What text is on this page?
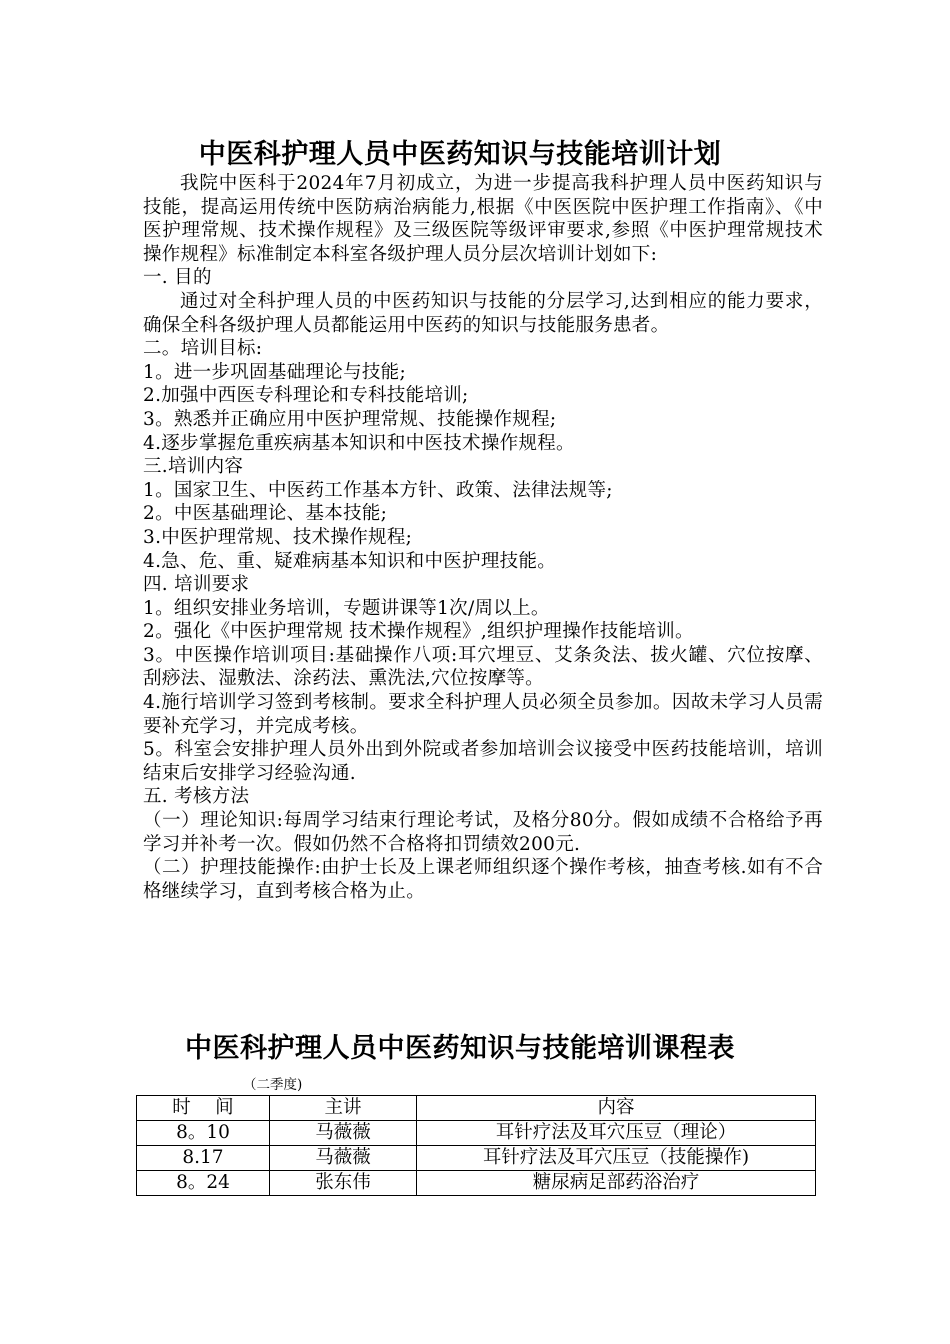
中医科护理人员中医药知识与技能培训计划

我院中医科于2024年7月初成立，为进一步提高我科护理人员中医药知识与技能，提高运用传统中医防病治病能力,根据《中医医院中医护理工作指南》、《中医护理常规、技术操作规程》及三级医院等级评审要求,参照《中医护理常规技术操作规程》标准制定本科室各级护理人员分层次培训计划如下:

一. 目的

通过对全科护理人员的中医药知识与技能的分层学习,达到相应的能力要求，确保全科各级护理人员都能运用中医药的知识与技能服务患者。

二。培训目标:

1。进一步巩固基础理论与技能;

2.加强中西医专科理论和专科技能培训;

3。熟悉并正确应用中医护理常规、技能操作规程;

4.逐步掌握危重疾病基本知识和中医技术操作规程。

三.培训内容

1。国家卫生、中医药工作基本方针、政策、法律法规等;

2。中医基础理论、基本技能;

3.中医护理常规、技术操作规程;

4.急、危、重、疑难病基本知识和中医护理技能。

四. 培训要求

1。组织安排业务培训，专题讲课等1次/周以上。

2。强化《中医护理常规 技术操作规程》,组织护理操作技能培训。

3。中医操作培训项目:基础操作八项:耳穴埋豆、艾条灸法、拔火罐、穴位按摩、刮痧法、湿敷法、涂药法、熏洗法,穴位按摩等。

4.施行培训学习签到考核制。要求全科护理人员必须全员参加。因故未学习人员需要补充学习，并完成考核。

5。科室会安排护理人员外出到外院或者参加培训会议接受中医药技能培训，培训结束后安排学习经验沟通.

五. 考核方法

（一）理论知识:每周学习结束行理论考试，及格分80分。假如成绩不合格给予再学习并补考一次。假如仍然不合格将扣罚绩效200元.

（二）护理技能操作:由护士长及上课老师组织逐个操作考核，抽查考核.如有不合格继续学习，直到考核合格为止。

中医科护理人员中医药知识与技能培训课程表
（二季度)
时　 间	主讲	内容
8。10	马薇薇	耳针疗法及耳穴压豆（理论）
8.17	马薇薇	耳针疗法及耳穴压豆（技能操作)
8。24	张东伟	糖尿病足部药浴治疗
